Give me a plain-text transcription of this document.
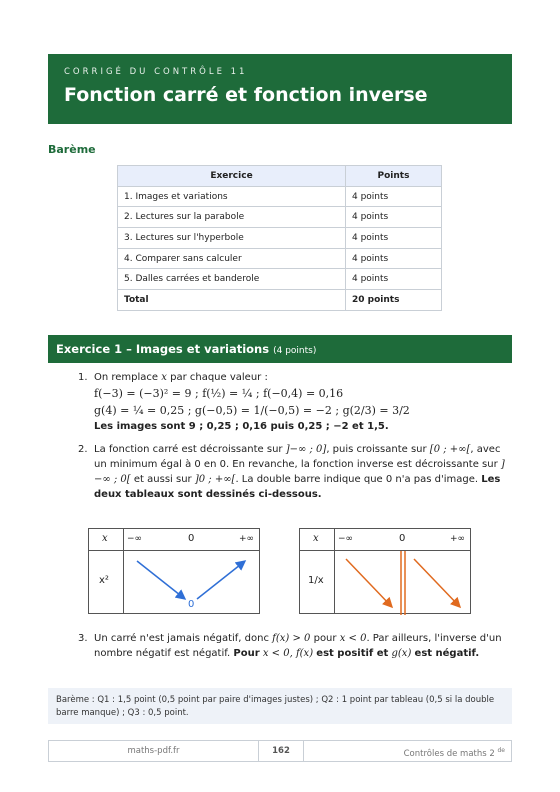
CORRIGÉ DU CONTRÔLE 11
Fonction carré et fonction inverse
Barème
Exercice	Points
1. Images et variations	4 points
2. Lectures sur la parabole	4 points
3. Lectures sur l'hyperbole	4 points
4. Comparer sans calculer	4 points
5. Dalles carrées et banderole	4 points
Total	20 points
Exercice 1 – Images et variations (4 points)
1. On remplace x par chaque valeur :
f(−3) = (−3)² = 9 ; f(½) = ¼ ; f(−0,4) = 0,16
g(4) = ¼ = 0,25 ; g(−0,5) = 1/(−0,5) = −2 ; g(2/3) = 3/2
Les images sont 9 ; 0,25 ; 0,16 puis 0,25 ; −2 et 1,5.
2. La fonction carré est décroissante sur ]−∞ ; 0], puis croissante sur [0 ; +∞[, avec un minimum égal à 0 en 0. En revanche, la fonction inverse est décroissante sur ]−∞ ; 0[ et aussi sur ]0 ; +∞[. La double barre indique que 0 n'a pas d'image. Les deux tableaux sont dessinés ci-dessous.
x −∞	0	+∞
x²
0
x −∞	0	+∞
1/x
3. Un carré n'est jamais négatif, donc f(x) > 0 pour x < 0. Par ailleurs, l'inverse d'un nombre négatif est négatif. Pour x < 0, f(x) est positif et g(x) est négatif.
Barème : Q1 : 1,5 point (0,5 point par paire d'images justes) ; Q2 : 1 point par tableau (0,5 si la double barre manque) ; Q3 : 0,5 point.
maths-pdf.fr	162	Contrôles de maths 2 $^{de}$
